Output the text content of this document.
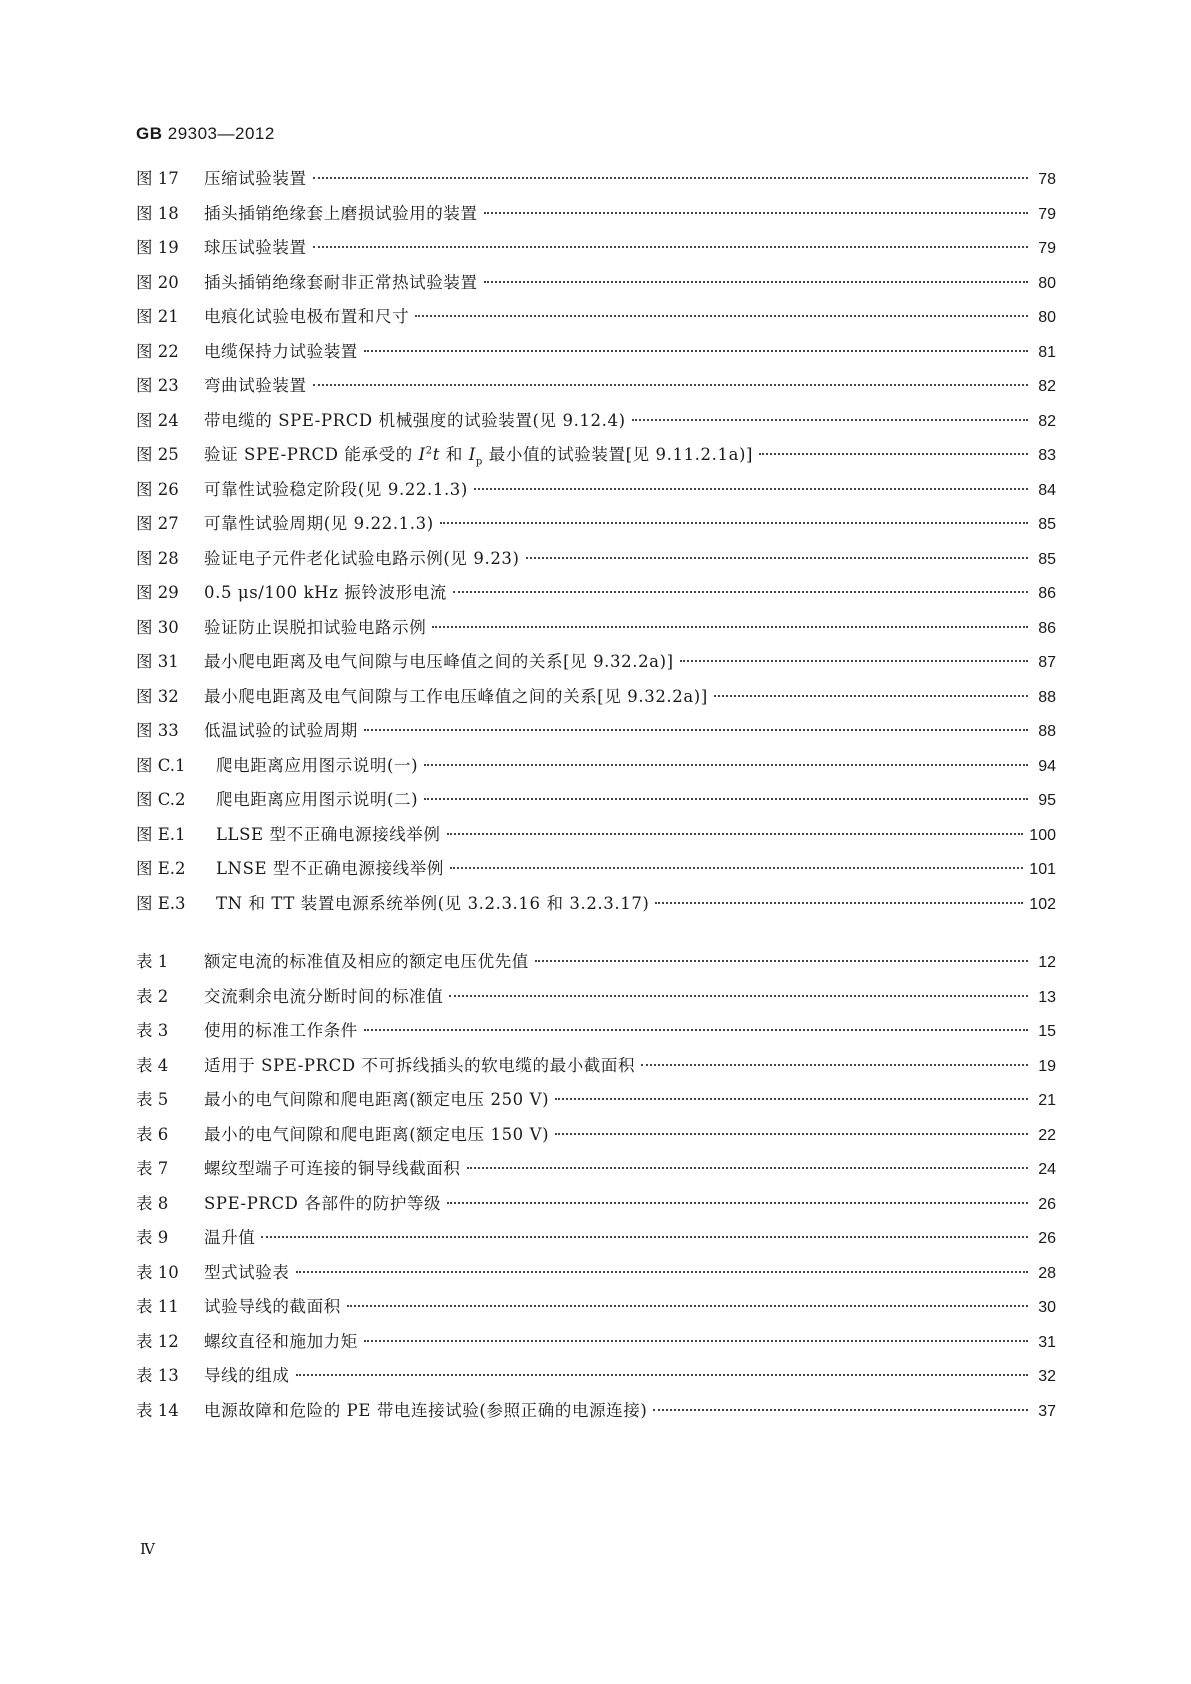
GB 29303—2012
图 17	压缩试验装置	78
图 18	插头插销绝缘套上磨损试验用的装置	79
图 19	球压试验装置	79
图 20	插头插销绝缘套耐非正常热试验装置	80
图 21	电痕化试验电极布置和尺寸	80
图 22	电缆保持力试验装置	81
图 23	弯曲试验装置	82
图 24	带电缆的 SPE-PRCD 机械强度的试验装置(见 9.12.4)	82
图 25	验证 SPE-PRCD 能承受的 $I^2t$ 和 $I_p$ 最小值的试验装置[见 9.11.2.1a)]	83
图 26	可靠性试验稳定阶段(见 9.22.1.3)	84
图 27	可靠性试验周期(见 9.22.1.3)	85
图 28	验证电子元件老化试验电路示例(见 9.23)	85
图 29	0.5 μs/100 kHz 振铃波形电流	86
图 30	验证防止误脱扣试验电路示例	86
图 31	最小爬电距离及电气间隙与电压峰值之间的关系[见 9.32.2a)]	87
图 32	最小爬电距离及电气间隙与工作电压峰值之间的关系[见 9.32.2a)]	88
图 33	低温试验的试验周期	88
图 C.1	爬电距离应用图示说明(一)	94
图 C.2	爬电距离应用图示说明(二)	95
图 E.1	LLSE 型不正确电源接线举例	100
图 E.2	LNSE 型不正确电源接线举例	101
图 E.3	TN 和 TT 装置电源系统举例(见 3.2.3.16 和 3.2.3.17)	102
表 1	额定电流的标准值及相应的额定电压优先值	12
表 2	交流剩余电流分断时间的标准值	13
表 3	使用的标准工作条件	15
表 4	适用于 SPE-PRCD 不可拆线插头的软电缆的最小截面积	19
表 5	最小的电气间隙和爬电距离(额定电压 250 V)	21
表 6	最小的电气间隙和爬电距离(额定电压 150 V)	22
表 7	螺纹型端子可连接的铜导线截面积	24
表 8	SPE-PRCD 各部件的防护等级	26
表 9	温升值	26
表 10	型式试验表	28
表 11	试验导线的截面积	30
表 12	螺纹直径和施加力矩	31
表 13	导线的组成	32
表 14	电源故障和危险的 PE 带电连接试验(参照正确的电源连接)	37
Ⅳ
